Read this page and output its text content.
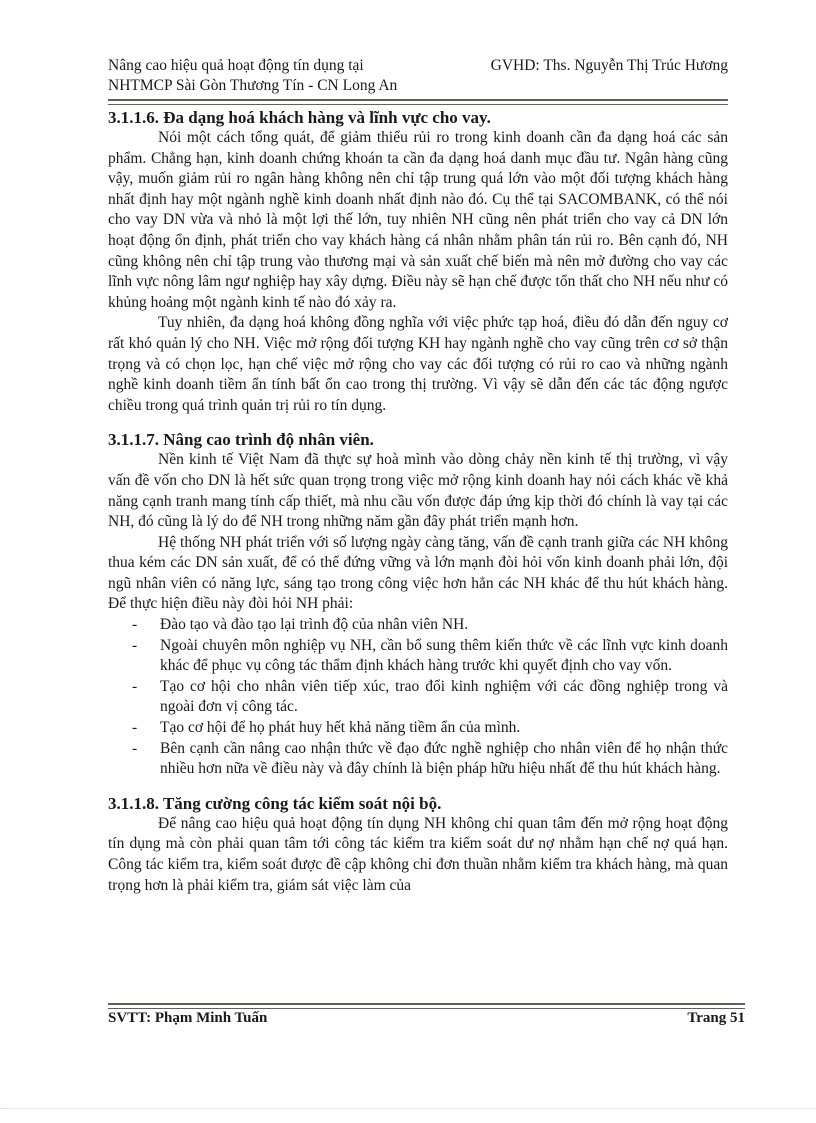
Nâng cao hiệu quả hoạt động tín dụng tại	GVHD: Ths. Nguyễn Thị Trúc Hương
NHTMCP Sài Gòn Thương Tín - CN Long An
3.1.1.6. Đa dạng hoá khách hàng và lĩnh vực cho vay.

Nói một cách tổng quát, để giảm thiểu rủi ro trong kinh doanh cần đa dạng hoá các sản phẩm. Chẳng hạn, kinh doanh chứng khoán ta cần đa dạng hoá danh mục đầu tư. Ngân hàng cũng vậy, muốn giảm rủi ro ngân hàng không nên chỉ tập trung quá lớn vào một đối tượng khách hàng nhất định hay một ngành nghề kinh doanh nhất định nào đó. Cụ thể tại SACOMBANK, có thể nói cho vay DN vừa và nhỏ là một lợi thế lớn, tuy nhiên NH cũng nên phát triển cho vay cả DN lớn hoạt động ổn định, phát triển cho vay khách hàng cá nhân nhằm phân tán rủi ro. Bên cạnh đó, NH cũng không nên chỉ tập trung vào thương mại và sản xuất chế biến mà nên mở đường cho vay các lĩnh vực nông lâm ngư nghiệp hay xây dựng. Điều này sẽ hạn chế được tổn thất cho NH nếu như có khủng hoảng một ngành kinh tế nào đó xảy ra.

Tuy nhiên, đa dạng hoá không đồng nghĩa với việc phức tạp hoá, điều đó dẫn đến nguy cơ rất khó quản lý cho NH. Việc mở rộng đối tượng KH hay ngành nghề cho vay cũng trên cơ sở thận trọng và có chọn lọc, hạn chế việc mở rộng cho vay các đối tượng có rủi ro cao và những ngành nghề kinh doanh tiềm ẩn tính bất ổn cao trong thị trường. Vì vậy sẽ dẫn đến các tác động ngược chiều trong quá trình quản trị rủi ro tín dụng.

3.1.1.7. Nâng cao trình độ nhân viên.

Nền kinh tế Việt Nam đã thực sự hoà mình vào dòng chảy nền kinh tế thị trường, vì vậy vấn đề vốn cho DN là hết sức quan trọng trong việc mở rộng kinh doanh hay nói cách khác về khả năng cạnh tranh mang tính cấp thiết, mà nhu cầu vốn được đáp ứng kịp thời đó chính là vay tại các NH, đó cũng là lý do để NH trong những năm gần đây phát triển mạnh hơn.

Hệ thống NH phát triển với số lượng ngày càng tăng, vấn đề cạnh tranh giữa các NH không thua kém các DN sản xuất, để có thể đứng vững và lớn mạnh đòi hỏi vốn kinh doanh phải lớn, đội ngũ nhân viên có năng lực, sáng tạo trong công việc hơn hẳn các NH khác để thu hút khách hàng. Để thực hiện điều này đòi hỏi NH phải:

- Đào tạo và đào tạo lại trình độ của nhân viên NH.
- Ngoài chuyên môn nghiệp vụ NH, cần bổ sung thêm kiến thức về các lĩnh vực kinh doanh khác để phục vụ công tác thẩm định khách hàng trước khi quyết định cho vay vốn.
- Tạo cơ hội cho nhân viên tiếp xúc, trao đổi kinh nghiệm với các đồng nghiệp trong và ngoài đơn vị công tác.
- Tạo cơ hội để họ phát huy hết khả năng tiềm ẩn của mình.
- Bên cạnh cần nâng cao nhận thức về đạo đức nghề nghiệp cho nhân viên để họ nhận thức nhiều hơn nữa về điều này và đây chính là biện pháp hữu hiệu nhất để thu hút khách hàng.
3.1.1.8. Tăng cường công tác kiểm soát nội bộ.

Để nâng cao hiệu quả hoạt động tín dụng NH không chỉ quan tâm đến mở rộng hoạt động tín dụng mà còn phải quan tâm tới công tác kiểm tra kiểm soát dư nợ nhằm hạn chế nợ quá hạn. Công tác kiểm tra, kiểm soát được đề cập không chỉ đơn thuần nhằm kiểm tra khách hàng, mà quan trọng hơn là phải kiểm tra, giám sát việc làm của

SVTT: Phạm Minh Tuấn	Trang 51
